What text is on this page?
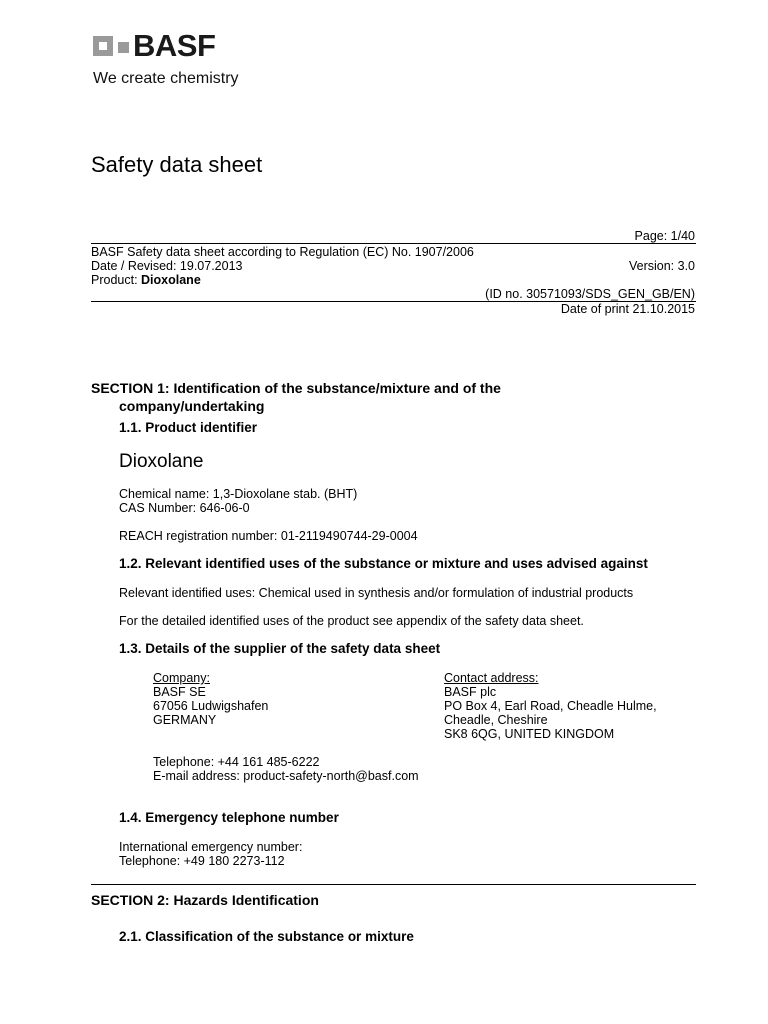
BASF
We create chemistry
Safety data sheet
Page: 1/40
BASF Safety data sheet according to Regulation (EC) No. 1907/2006
Date / Revised: 19.07.2013	Version: 3.0
Product: Dioxolane
(ID no. 30571093/SDS_GEN_GB/EN)
Date of print 21.10.2015
SECTION 1: Identification of the substance/mixture and of the
company/undertaking
1.1. Product identifier
Dioxolane
Chemical name: 1,3-Dioxolane stab. (BHT)
CAS Number: 646-06-0
REACH registration number: 01-2119490744-29-0004
1.2. Relevant identified uses of the substance or mixture and uses advised against
Relevant identified uses: Chemical used in synthesis and/or formulation of industrial products
For the detailed identified uses of the product see appendix of the safety data sheet.
1.3. Details of the supplier of the safety data sheet
Company:
BASF SE
67056 Ludwigshafen
GERMANY
Contact address:
BASF plc
PO Box 4, Earl Road, Cheadle Hulme,
Cheadle, Cheshire
SK8 6QG, UNITED KINGDOM
Telephone: +44 161 485-6222
E-mail address: product-safety-north@basf.com
1.4. Emergency telephone number
International emergency number:
Telephone: +49 180 2273-112
SECTION 2: Hazards Identification
2.1. Classification of the substance or mixture
